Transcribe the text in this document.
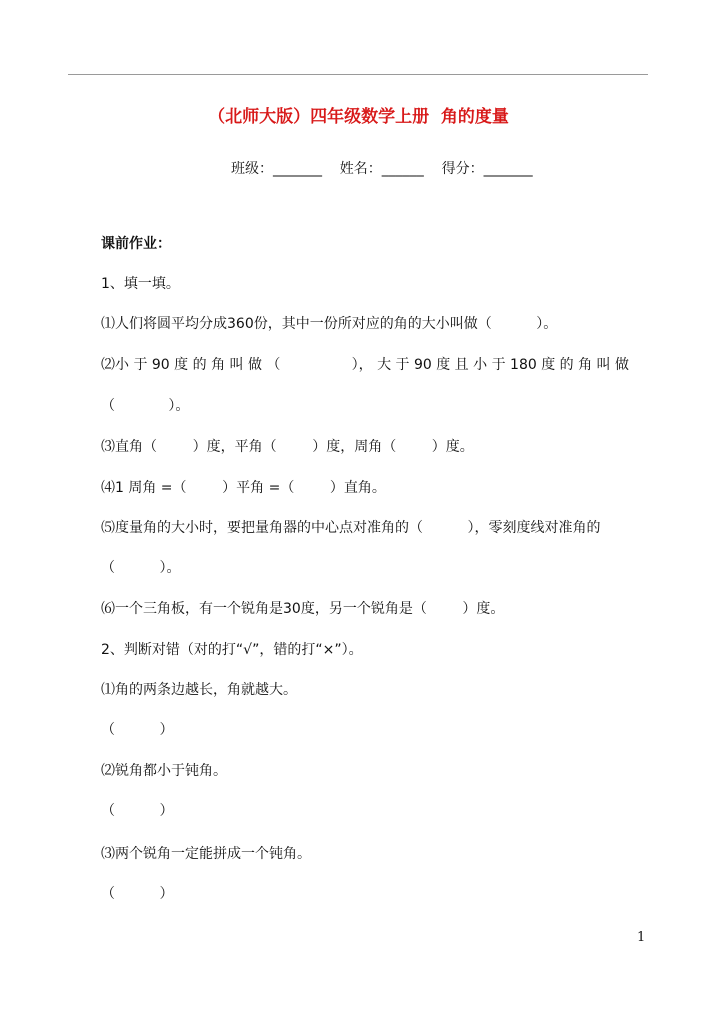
（北师大版）四年级数学上册  角的度量
班级：_______    姓名：______    得分：_______
课前作业：
1、填一填。
⑴人们将圆平均分成360份，其中一份所对应的角的大小叫做（          ）。
⑵小 于 90 度 的 角 叫 做 （                ）， 大 于 90 度 且 小 于 180 度 的 角 叫 做
（            ）。
⑶直角（        ）度，平角（        ）度，周角（        ）度。
⑷1 周角 =（        ）平角 =（        ）直角。
⑸度量角的大小时，要把量角器的中心点对准角的（          ），零刻度线对准角的
（          ）。
⑹一个三角板，有一个锐角是30度，另一个锐角是（        ）度。
2、判断对错（对的打“√”，错的打“×”）。
⑴角的两条边越长，角就越大。
（          ）
⑵锐角都小于钝角。
（          ）
⑶两个锐角一定能拼成一个钝角。
（          ）
1
